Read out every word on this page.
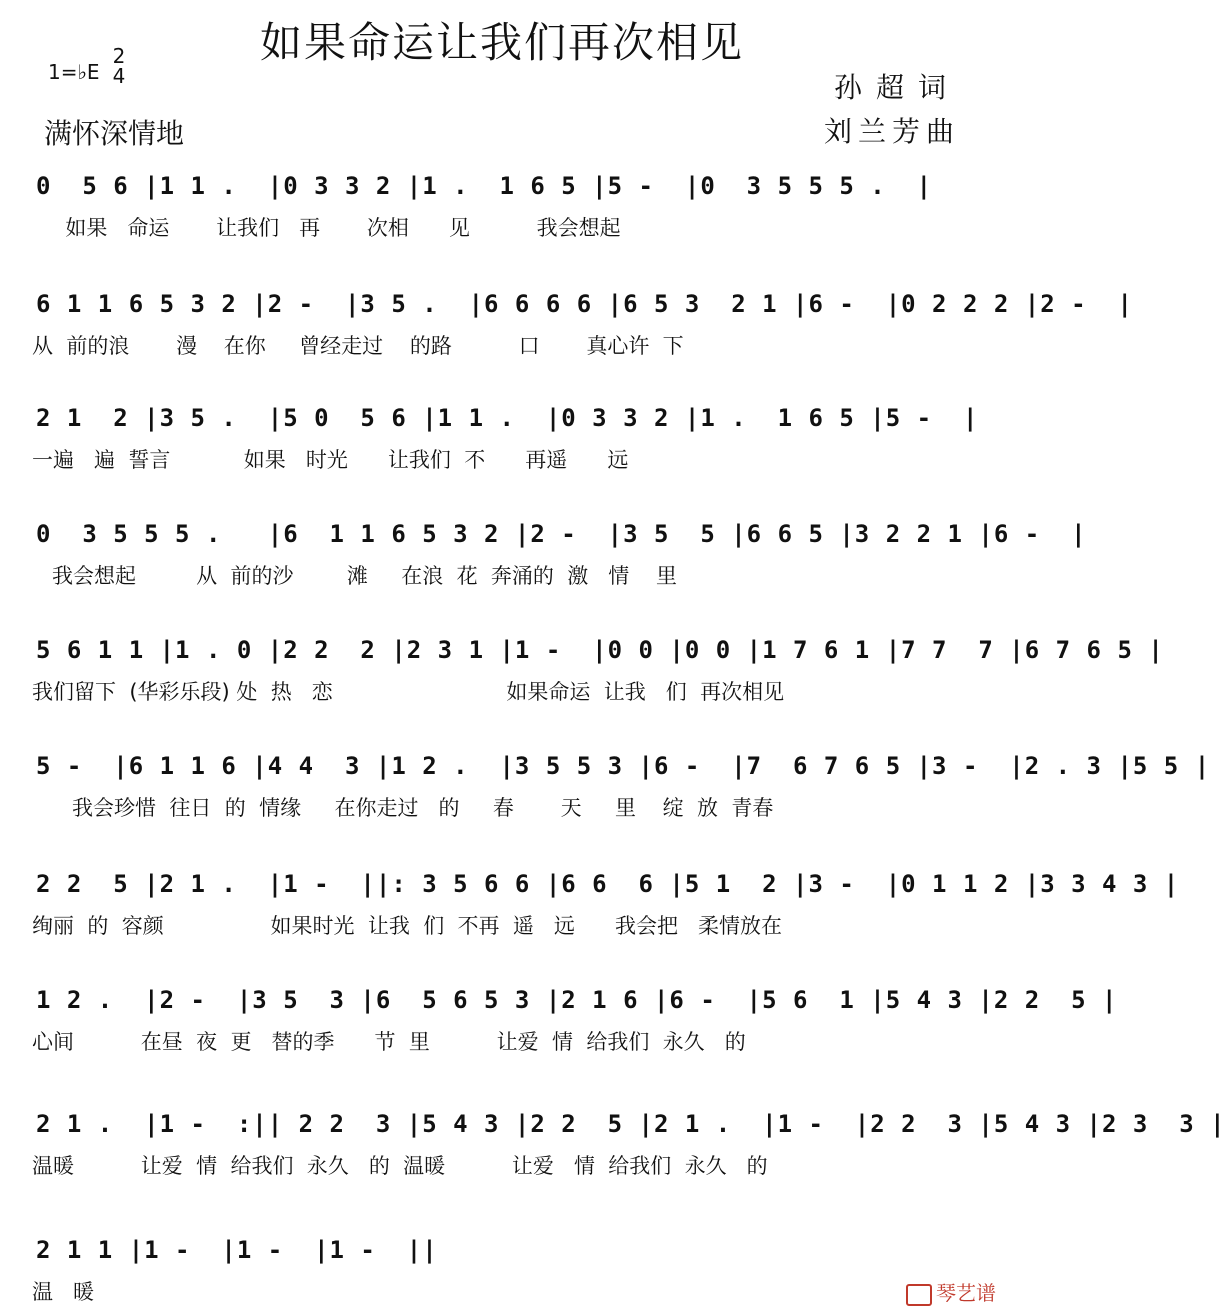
如果命运让我们再次相见
1=♭E
2
4
满怀深情地
孙超词
刘兰芳曲
0  5 6 |1 1 .  |0 3 3 2 |1 .  1 6 5 |5 -  |0  3 5 5 5 .  |
如果   命运       让我们   再       次相      见          我会想起
6 1 1 6 5 3 2 |2 -  |3 5 .  |6 6 6 6 |6 5 3  2 1 |6 -  |0 2 2 2 |2 -  |
从  前的浪       漫    在你     曾经走过    的路          口       真心许  下
2 1  2 |3 5 .  |5 0  5 6 |1 1 .  |0 3 3 2 |1 .  1 6 5 |5 -  |
一遍   遍  誓言           如果   时光      让我们  不      再遥      远
0  3 5 5 5 .   |6  1 1 6 5 3 2 |2 -  |3 5  5 |6 6 5 |3 2 2 1 |6 -  |
我会想起         从  前的沙        滩     在浪  花  奔涌的  激   情    里
5 6 1 1 |1 . 0 |2 2  2 |2 3 1 |1 -  |0 0 |0 0 |1 7 6 1 |7 7  7 |6 7 6 5 |
我们留下  (华彩乐段) 处  热   恋                          如果命运  让我   们  再次相见
5 -  |6 1 1 6 |4 4  3 |1 2 .  |3 5 5 3 |6 -  |7  6 7 6 5 |3 -  |2 . 3 |5 5 |
我会珍惜  往日  的  情缘     在你走过   的     春       天     里    绽  放  青春
2 2  5 |2 1 .  |1 -  ||: 3 5 6 6 |6 6  6 |5 1  2 |3 -  |0 1 1 2 |3 3 4 3 |
绚丽  的  容颜                如果时光  让我  们  不再  遥   远      我会把   柔情放在
1 2 .  |2 -  |3 5  3 |6  5 6 5 3 |2 1 6 |6 -  |5 6  1 |5 4 3 |2 2  5 |
心间          在昼  夜  更   替的季      节  里          让爱  情  给我们  永久   的
2 1 .  |1 -  :|| 2 2  3 |5 4 3 |2 2  5 |2 1 .  |1 -  |2 2  3 |5 4 3 |2 3  3 |
温暖          让爱  情  给我们  永久   的  温暖          让爱   情  给我们  永久   的
2 1 1 |1 -  |1 -  |1 -  ||
温   暖	琴艺谱
